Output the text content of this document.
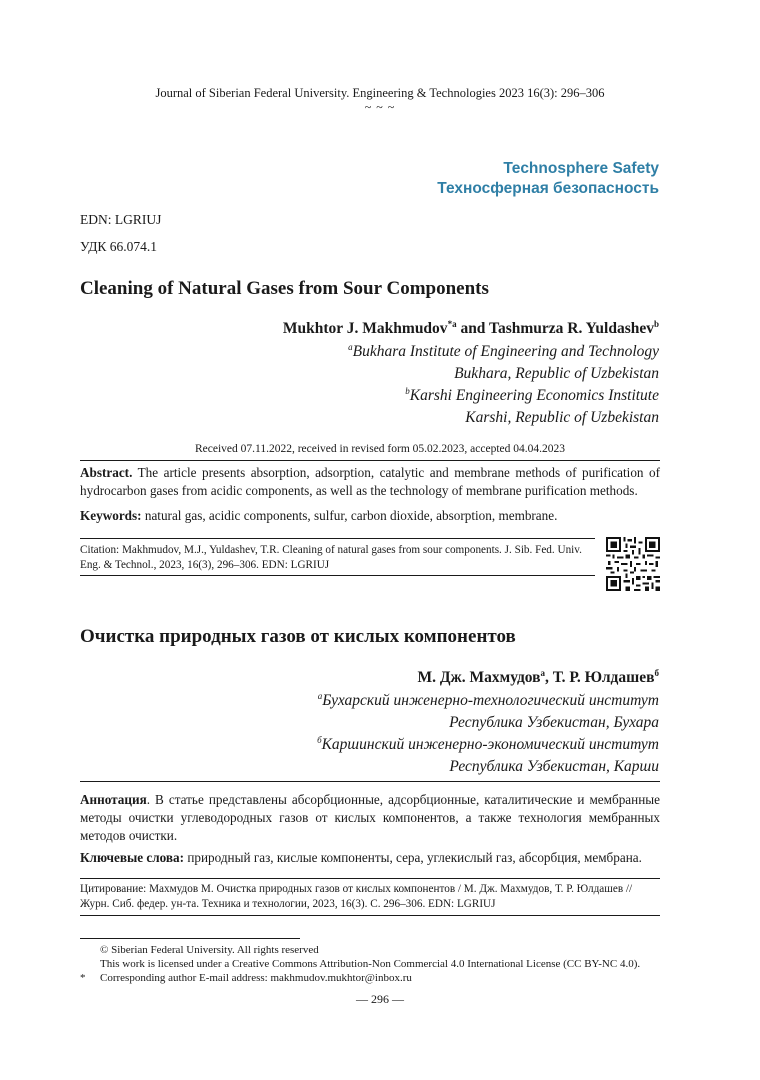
Journal of Siberian Federal University. Engineering & Technologies 2023 16(3): 296–306
~ ~ ~
Technosphere Safety
Техносферная безопасность
EDN: LGRIUJ
УДК 66.074.1
Cleaning of Natural Gases from Sour Components
Mukhtor J. Makhmudov$^{*a}$ and Tashmurza R. Yuldashev$^b$
$^a$Bukhara Institute of Engineering and Technology
Bukhara, Republic of Uzbekistan
$^b$Karshi Engineering Economics Institute
Karshi, Republic of Uzbekistan
Received 07.11.2022, received in revised form 05.02.2023, accepted 04.04.2023
Abstract. The article presents absorption, adsorption, catalytic and membrane methods of purification of hydrocarbon gases from acidic components, as well as the technology of membrane purification methods.
Keywords: natural gas, acidic components, sulfur, carbon dioxide, absorption, membrane.
Citation: Makhmudov, M.J., Yuldashev, T.R. Cleaning of natural gases from sour components. J. Sib. Fed. Univ. Eng. & Technol., 2023, 16(3), 296–306. EDN: LGRIUJ
Очистка природных газов от кислых компонентов
М. Дж. Махмудов$^а$, Т. Р. Юлдашев$^б$
$^а$Бухарский инженерно-технологический институт
Республика Узбекистан, Бухара
$^б$Каршинский инженерно-экономический институт
Республика Узбекистан, Карши
Аннотация. В статье представлены абсорбционные, адсорбционные, каталитические и мембранные методы очистки углеводородных газов от кислых компонентов, а также технология мембранных методов очистки.
Ключевые слова: природный газ, кислые компоненты, сера, углекислый газ, абсорбция, мембрана.
Цитирование: Махмудов М. Очистка природных газов от кислых компонентов / М. Дж. Махмудов, Т. Р. Юлдашев // Журн. Сиб. федер. ун-та. Техника и технологии, 2023, 16(3). С. 296–306. EDN: LGRIUJ
© Siberian Federal University. All rights reserved
This work is licensed under a Creative Commons Attribution-Non Commercial 4.0 International License (CC BY-NC 4.0).
* Corresponding author E-mail address: makhmudov.mukhtor@inbox.ru
— 296 —
